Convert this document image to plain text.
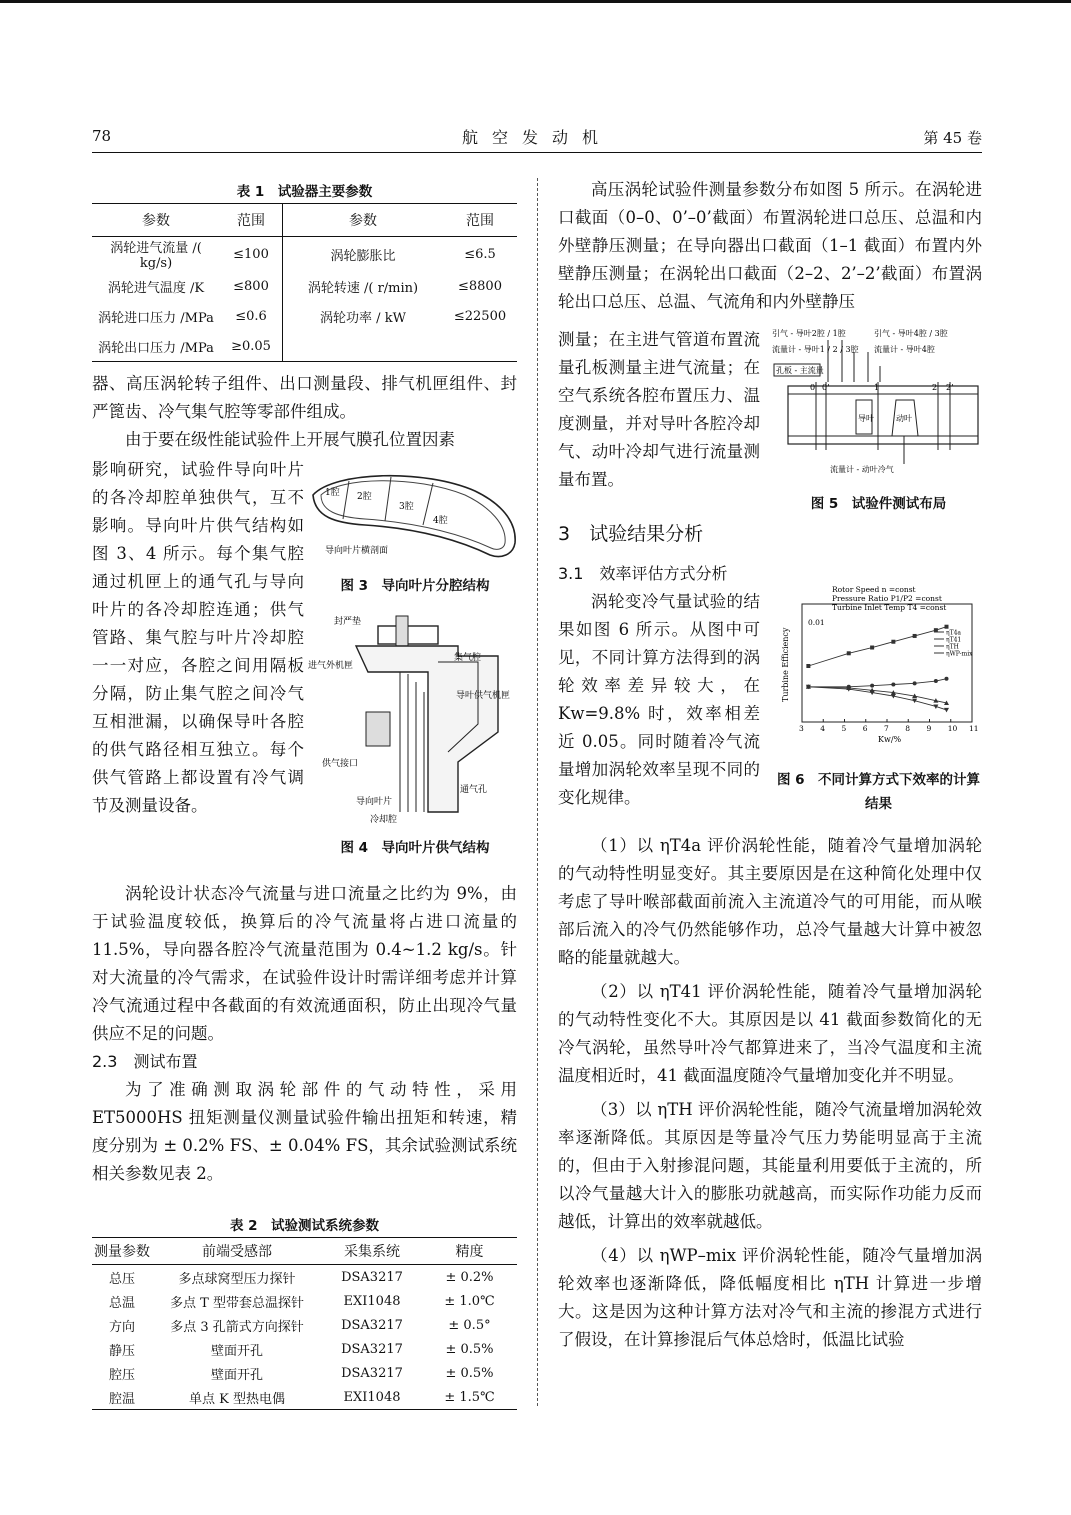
78	航空发动机	第 45 卷
表 1　试验器主要参数
参数	范围	参数	范围
涡轮进气流量 /( kg/s)	≤100	涡轮膨胀比	≤6.5
涡轮进气温度 /K	≤800	涡轮转速 /( r/min)	≤8800
涡轮进口压力 /MPa	≤0.6	涡轮功率 / kW	≤22500
涡轮出口压力 /MPa	≥0.05		

器、高压涡轮转子组件、出口测量段、排气机匣组件、封严篦齿、冷气集气腔等零部件组成。

由于要在级性能试验件上开展气膜孔位置因素

影响研究，试验件导向叶片的各冷却腔单独供气，互不影响。导向叶片供气结构如图 3、4 所示。每个集气腔通过机匣上的通气孔与导向叶片的各冷却腔连通；供气管路、集气腔与叶片冷却腔一一对应，各腔之间用隔板分隔，防止集气腔之间冷气互相泄漏，以确保导叶各腔的供气路径相互独立。每个供气管路上都设置有冷气调节及测量设备。

1腔 2腔
3腔
4腔
导向叶片横剖面
图 3　导向叶片分腔结构
封严垫
进气外机匣
集气腔
导叶供气机匣
供气接口
通气孔
导向叶片
冷却腔
图 4　导向叶片供气结构

涡轮设计状态冷气流量与进口流量之比约为 9%，由于试验温度较低，换算后的冷气流量将占进口流量的 11.5%，导向器各腔冷气流量范围为 0.4~1.2 kg/s。针对大流量的冷气需求，在试验件设计时需详细考虑并计算冷气流通过程中各截面的有效流通面积，防止出现冷气量供应不足的问题。

2.3　测试布置

为了准确测取涡轮部件的气动特性，采用 ET5000HS 扭矩测量仪测量试验件输出扭矩和转速，精度分别为 ± 0.2% FS、± 0.04% FS，其余试验测试系统相关参数见表 2。

表 2　试验测试系统参数
测量参数	前端受感部	采集系统	精度
总压	多点球窝型压力探针	DSA3217	± 0.2%
总温	多点 T 型带套总温探针	EXI1048	± 1.0℃
方向	多点 3 孔箭式方向探针	DSA3217	± 0.5°
静压	壁面开孔	DSA3217	± 0.5%
腔压	壁面开孔	DSA3217	± 0.5%
腔温	单点 K 型热电偶	EXI1048	± 1.5℃

高压涡轮试验件测量参数分布如图 5 所示。在涡轮进口截面（0–0、0’–0’截面）布置涡轮进口总压、总温和内外壁静压测量；在导向器出口截面（1–1 截面）布置内外壁静压测量；在涡轮出口截面（2–2、2’–2’截面）布置涡轮出口总压、总温、气流角和内外壁静压

测量；在主进气管道布置流量孔板测量主进气流量；在空气系统各腔布置压力、温度测量，并对导叶各腔冷却气、动叶冷却气进行流量测量布置。

引气 - 导叶2腔 / 1腔	引气 - 导叶4腔 / 3腔
流量计 - 导叶1 / 2 / 3腔 流量计 - 导叶4腔
孔板 - 主流量
导叶	动叶
流量计 - 动叶冷气
0 0’	1	2 2’
图 5　试验件测试布局
3　试验结果分析
3.1　效率评估方式分析

涡轮变冷气量试验的结果如图 6 所示。从图中可见，不同计算方法得到的涡轮效率差异较大，在 Kw=9.8% 时，效率相差近 0.05。同时随着冷气流量增加涡轮效率呈现不同的变化规律。

Rotor Speed n =const
Pressure Ratio P1/P2 =const
Turbine Inlet Temp T4 =const
0.01
Turbine Efficiency
Kw/%
3 4 5 6 7 8 9 10 11
ηT4a
ηT41
ηTH
ηWP-mix
图 6　不同计算方式下效率的计算结果

（1）以 ηT4a 评价涡轮性能，随着冷气量增加涡轮的气动特性明显变好。其主要原因是在这种简化处理中仅考虑了导叶喉部截面前流入主流道冷气的可用能，而从喉部后流入的冷气仍然能够作功，总冷气量越大计算中被忽略的能量就越大。

（2）以 ηT41 评价涡轮性能，随着冷气量增加涡轮的气动特性变化不大。其原因是以 41 截面参数简化的无冷气涡轮，虽然导叶冷气都算进来了，当冷气温度和主流温度相近时，41 截面温度随冷气量增加变化并不明显。

（3）以 ηTH 评价涡轮性能，随冷气流量增加涡轮效率逐渐降低。其原因是等量冷气压力势能明显高于主流的，但由于入射掺混问题，其能量利用要低于主流的，所以冷气量越大计入的膨胀功就越高，而实际作功能力反而越低，计算出的效率就越低。

（4）以 ηWP–mix 评价涡轮性能，随冷气量增加涡轮效率也逐渐降低，降低幅度相比 ηTH 计算进一步增大。这是因为这种计算方法对冷气和主流的掺混方式进行了假设，在计算掺混后气体总焓时，低温比试验
